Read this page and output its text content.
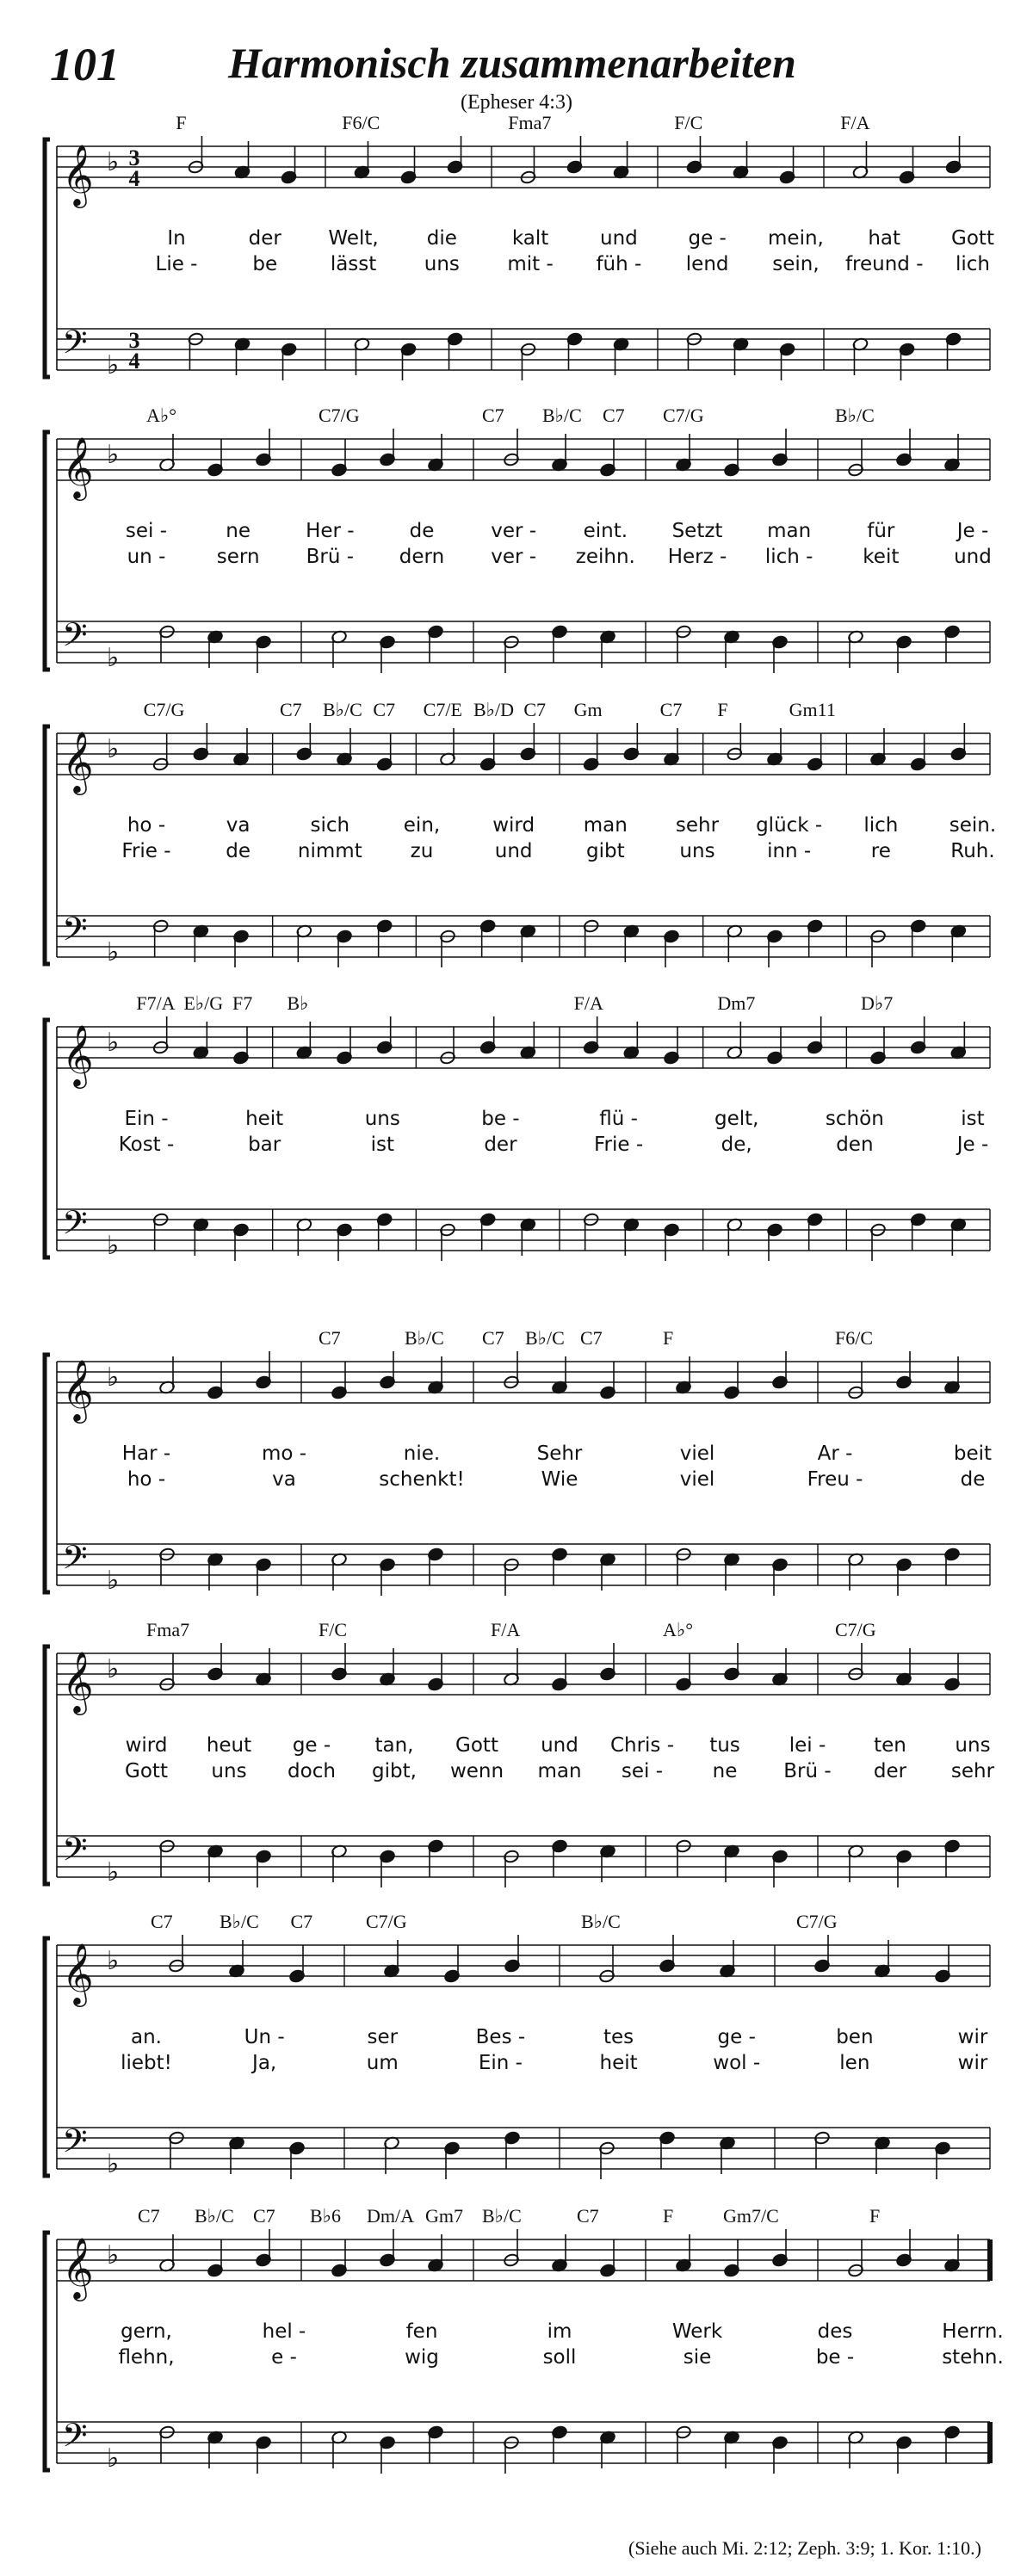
101	Harmonisch zusammenarbeiten
(Epheser 4:3)
𝄞
𝄢
♭
♭
3
4
3
4
F	F6/C	Fma7	F/C	F/A
In	der Welt, die	kalt	und	ge - mein, hat	Gott
Lie -	be	lässt uns mit - füh - lend sein, freund - lich
𝄞
𝄢
♭
♭
A♭°	C7/G	C7 B♭/C C7 C7/G	B♭/C
sei -	ne	Her -	de	ver - eint. Setzt man	für	Je -
un -	sern Brü - dern ver - zeihn. Herz - lich -	keit	und
𝄞
𝄢
♭
♭
C7/G	C7 B♭/C C7 C7/E B♭/D C7 Gm	C7 F	Gm11
ho -	va	sich	ein,	wird man sehr glück - lich	sein.
Frie -	de nimmt zu	und	gibt	uns	inn -	re	Ruh.
𝄞
𝄢
♭
♭
F7/A E♭/G F7 B♭	F/A	Dm7	D♭7
Ein -	heit	uns	be -	flü -	gelt,	schön	ist
Kost -	bar	ist	der	Frie -	de,	den	Je -
𝄞
𝄢
♭
♭
C7	B♭/C C7 B♭/C C7	F	F6/C
Har -	mo -	nie.	Sehr	viel	Ar -	beit
ho -	va	schenkt!	Wie	viel	Freu -	de
𝄞
𝄢
♭
♭
Fma7	F/C	F/A	A♭°	C7/G
wird heut ge - tan, Gott und Chris - tus lei - ten uns
Gott uns doch gibt, wenn man sei -	ne Brü - der sehr
𝄞
𝄢
♭
♭
C7 B♭/C C7	C7/G	B♭/C	C7/G
an.	Un -	ser	Bes -	tes	ge -	ben	wir
liebt!	Ja,	um	Ein -	heit	wol -	len	wir
𝄞
𝄢
♭
♭
C7 B♭/C C7 B♭6 Dm/A Gm7 B♭/C	C7	F	Gm7/C	F
gern,	hel -	fen	im	Werk	des	Herrn.
flehn,	e -	wig	soll	sie	be -	stehn.
(Siehe auch Mi. 2:12; Zeph. 3:9; 1. Kor. 1:10.)
